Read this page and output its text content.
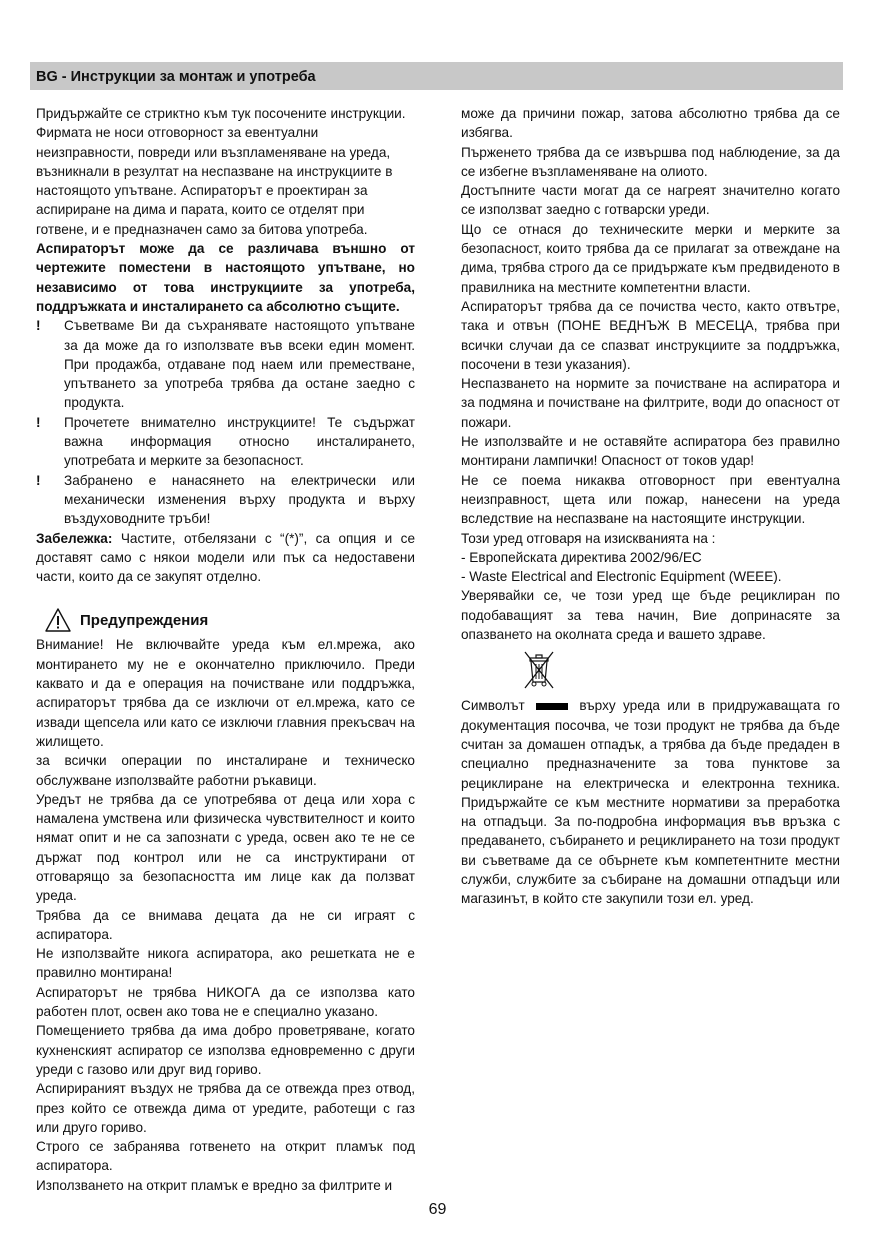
BG - Инструкции за монтаж и употреба

Придържайте се стриктно към тук посочените инструкции. Фирмата не носи отговорност за евентуални неизправности, повреди или възпламеняване на уреда, възникнали в резултат на неспазване на инструкциите в настоящото упътване. Аспираторът е проектиран за аспириране на дима и парата, които се отделят при готвене, и е предназначен само за битова употреба.

Аспираторът може да се различава външно от чертежите поместени в настоящото упътване, но независимо от това инструкциите за употреба, поддръжката и инсталирането са абсолютно същите.

! Съветваме Ви да съхранявате настоящото упътване за да може да го използвате във всеки един момент. При продажба, отдаване под наем или преместване, упътването за употреба трябва да остане заедно с продукта.
! Прочетете внимателно инструкциите! Те съдържат важна информация относно инсталирането, употребата и мерките за безопасност.
! Забранено е нанасянето на електрически или механически изменения върху продукта и върху въздуховодните тръби!

Забележка: Частите, отбелязани с “(*)”, са опция и се доставят само с някои модели или пък са недоставени части, които да се закупят отделно.

Предупреждения

Внимание! Не включвайте уреда към ел.мрежа, ако монтирането му не е окончателно приключило. Преди каквато и да е операция на почистване или поддръжка, аспираторът трябва да се изключи от ел.мрежа, като се извади щепсела или като се изключи главния прекъсвач на жилището.

за всички операции по инсталиране и техническо обслужване използвайте работни ръкавици.

Уредът не трябва да се употребява от деца или хора с намалена умствена или физическа чувствителност и които нямат опит и не са запознати с уреда, освен ако те не се държат под контрол или не са инструктирани от отговарящо за безопасността им лице как да ползват уреда.

Трябва да се внимава децата да не си играят с аспиратора.

Не използвайте никога аспиратора, ако решетката не е правилно монтирана!

Аспираторът не трябва НИКОГА да се използва като работен плот, освен ако това не е специално указано.

Помещението трябва да има добро проветряване, когато кухненският аспиратор се използва едновременно с други уреди с газово или друг вид гориво.

Аспирираният въздух не трябва да се отвежда през отвод, през който се отвежда дима от уредите, работещи с газ или друго гориво.

Строго се забранява готвенето на открит пламък под аспиратора.

Използването на открит пламък е вредно за филтрите и

може да причини пожар, затова абсолютно трябва да се избягва.

Пърженето трябва да се извършва под наблюдение, за да се избегне възпламеняване на олиото.

Достъпните части могат да се нагреят значително когато се използват заедно с готварски уреди.

Що се отнася до техническите мерки и мерките за безопасност, които трябва да се прилагат за отвеждане на дима, трябва строго да се придържате към предвиденото в правилника на местните компетентни власти.

Аспираторът трябва да се почиства често, както отвътре, така и отвън (ПОНЕ ВЕДНЪЖ В МЕСЕЦА, трябва при всички случаи да се спазват инструкциите за поддръжка, посочени в тези указания).

Неспазването на нормите за почистване на аспиратора и за подмяна и почистване на филтрите, води до опасност от пожари.

Не използвайте и не оставяйте аспиратора без правилно монтирани лампички! Опасност от токов удар!

Не се поема никаква отговорност при евентуална неизправност, щета или пожар, нанесени на уреда вследствие на неспазване на настоящите инструкции.

Този уред отговаря на изискванията на :

- Европейската директива 2002/96/ЕС

- Waste Electrical and Electronic Equipment (WEEE).

Уверявайки се, че този уред ще бъде рециклиран по подобаващият за тева начин, Вие допринасяте за опазването на околната среда и вашето здраве.

Символът	върху уреда или в придружаващата го документация посочва, че този продукт не трябва да бъде считан за домашен отпадък, а трябва да бъде предаден в специално предназначените за това пунктове за рециклиране на електрическа и електронна техника. Придържайте се към местните нормативи за преработка на отпадъци. За по-подробна информация във връзка с предаването, събирането и рециклирането на този продукт ви съветваме да се обърнете към компетентните местни служби, службите за събиране на домашни отпадъци или магазинът, в който сте закупили този ел. уред.

69
